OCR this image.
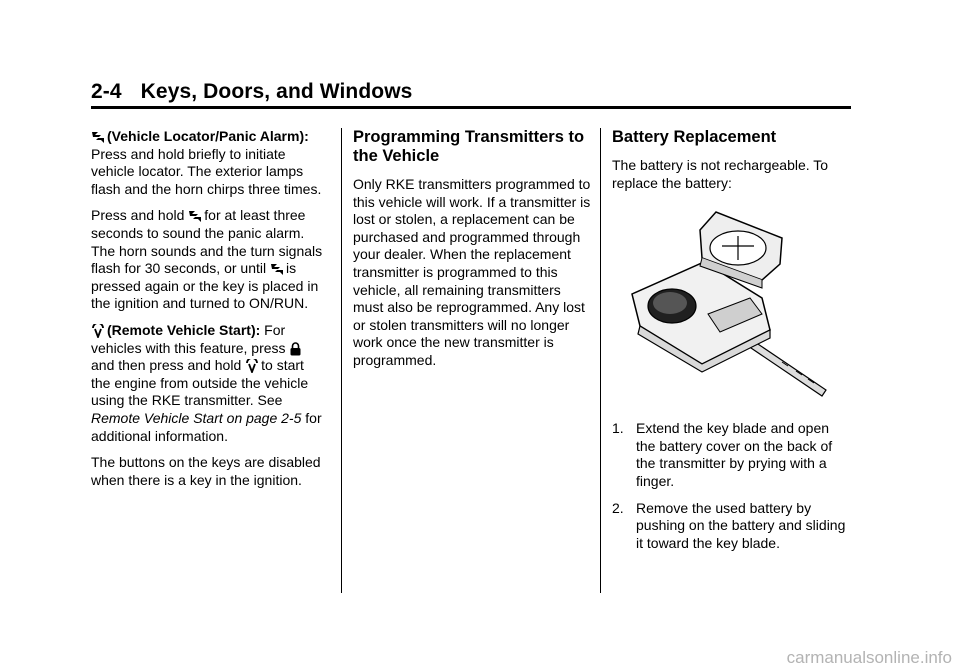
2-4 Keys, Doors, and Windows

(Vehicle Locator/Panic Alarm): Press and hold briefly to initiate vehicle locator. The exterior lamps flash and the horn chirps three times.

Press and hold for at least three seconds to sound the panic alarm. The horn sounds and the turn signals flash for 30 seconds, or until is pressed again or the key is placed in the ignition and turned to ON/RUN.

(Remote Vehicle Start): For vehicles with this feature, press  and then press and hold to start the engine from outside the vehicle using the RKE transmitter. See Remote Vehicle Start on page 2-5 for additional information.

The buttons on the keys are disabled when there is a key in the ignition.

Programming Transmitters to the Vehicle

Only RKE transmitters programmed to this vehicle will work. If a transmitter is lost or stolen, a replacement can be purchased and programmed through your dealer. When the replacement transmitter is programmed to this vehicle, all remaining transmitters must also be reprogrammed. Any lost or stolen transmitters will no longer work once the new transmitter is programmed.

Battery Replacement

The battery is not rechargeable. To replace the battery:

1. Extend the key blade and open the battery cover on the back of the transmitter by prying with a finger.
2. Remove the used battery by pushing on the battery and sliding it toward the key blade.
carmanualsonline.info
